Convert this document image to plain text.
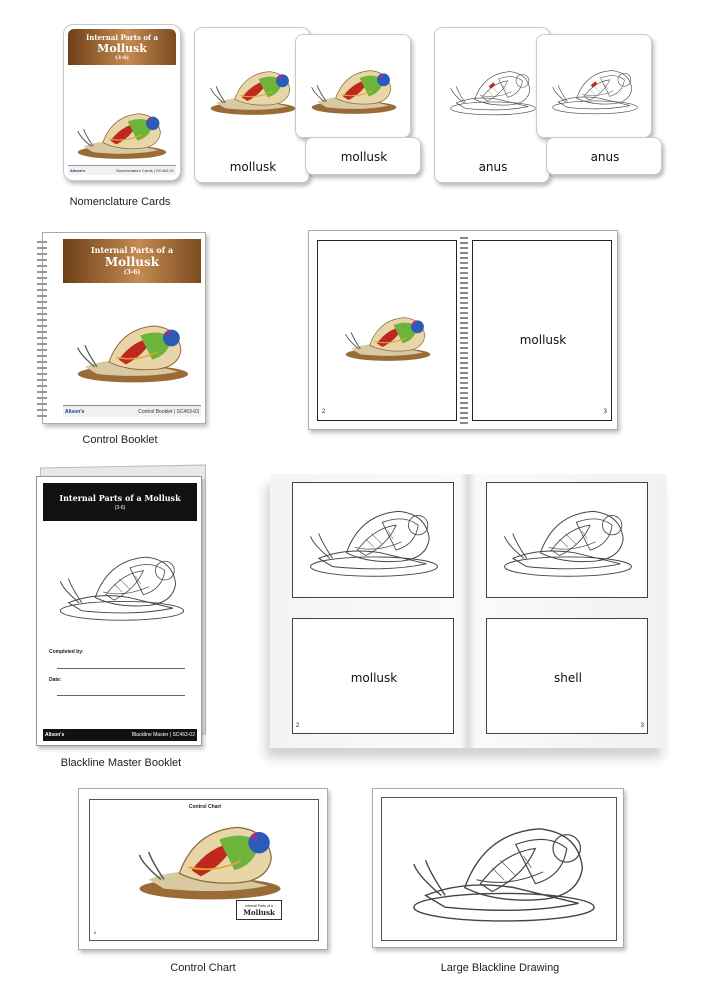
Internal Parts of a
Mollusk
(3-6)
Alison's	Nomenclature Cards | SC463-01	mollusk
mollusk
anus
anus
Nomenclature Cards
Internal Parts of a
Mollusk
(3-6)
Alison's	Control Booklet | SC463-03
Control Booklet
2
mollusk
3
Internal Parts of a Mollusk
(3-6)
Completed by:
Date:
Alison's	Blackline Master | SC463-02
Blackline Master Booklet
mollusk
2
shell
3
Control Chart
Internal Parts of a
Mollusk
II
Control Chart	Large Blackline Drawing
